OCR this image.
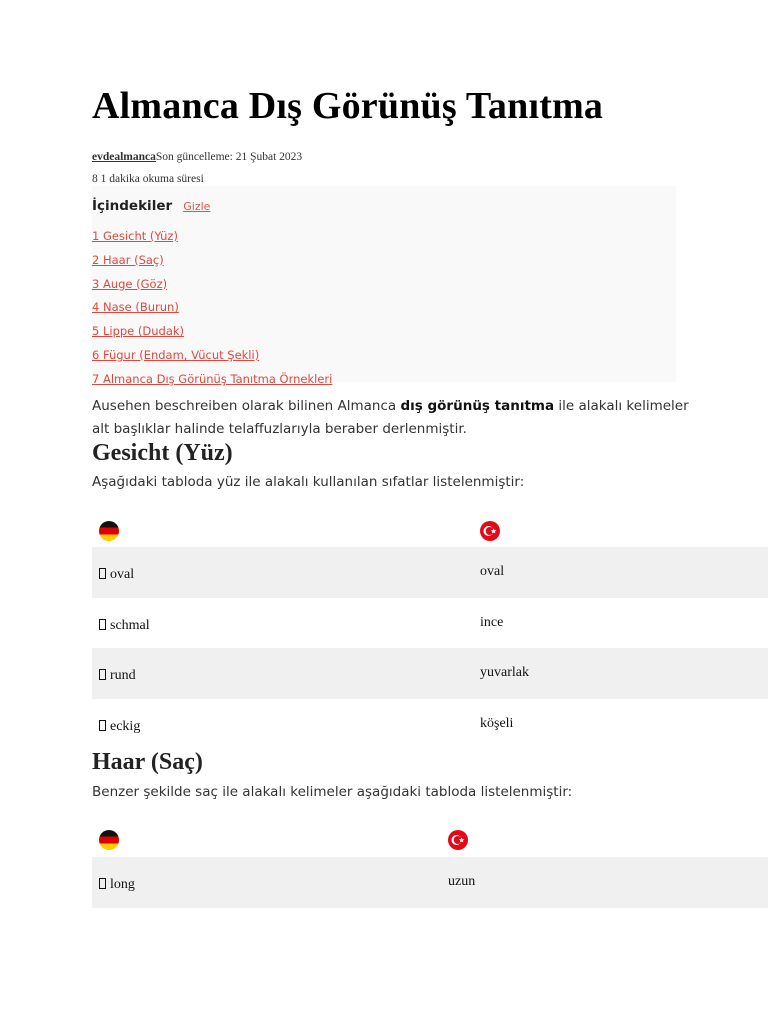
Almanca Dış Görünüş Tanıtma
evdealmancaSon güncelleme: 21 Şubat 2023
8 1 dakika okuma süresi
İçindekiler Gizle
1 Gesicht (Yüz)
2 Haar (Saç)
3 Auge (Göz)
4 Nase (Burun)
5 Lippe (Dudak)
6 Fügur (Endam, Vücut Şekli)
7 Almanca Dış Görünüş Tanıtma Örnekleri

Ausehen beschreiben olarak bilinen Almanca dış görünüş tanıtma ile alakalı kelimeler alt başlıklar halinde telaffuzlarıyla beraber derlenmiştir.

Gesicht (Yüz)

Aşağıdaki tabloda yüz ile alakalı kullanılan sıfatlar listelenmiştir:

oval	oval
schmal	ince
rund	yuvarlak
eckig	köşeli
Haar (Saç)

Benzer şekilde saç ile alakalı kelimeler aşağıdaki tabloda listelenmiştir:

long	uzun
